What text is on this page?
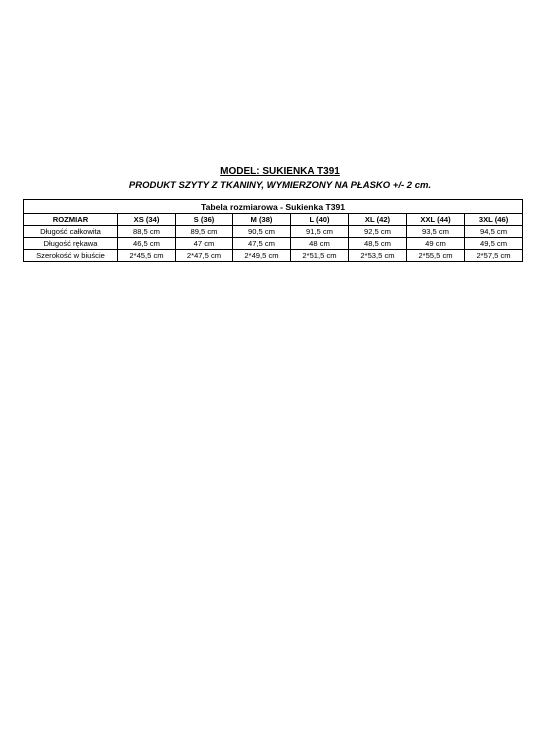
MODEL: SUKIENKA T391
PRODUKT SZYTY Z TKANINY, WYMIERZONY NA PŁASKO +/- 2 cm.
Tabela rozmiarowa - Sukienka T391							
ROZMIAR	XS (34)	S (36)	M (38)	L (40)	XL (42)	XXL (44)	3XL (46)
Długość całkowita	88,5 cm	89,5 cm	90,5 cm	91,5 cm	92,5 cm	93,5 cm	94,5 cm
Długość rękawa	46,5 cm	47 cm	47,5 cm	48 cm	48,5 cm	49 cm	49,5 cm
Szerokość w biuście	2*45,5 cm	2*47,5 cm	2*49,5 cm	2*51,5 cm	2*53,5 cm	2*55,5 cm	2*57,5 cm
